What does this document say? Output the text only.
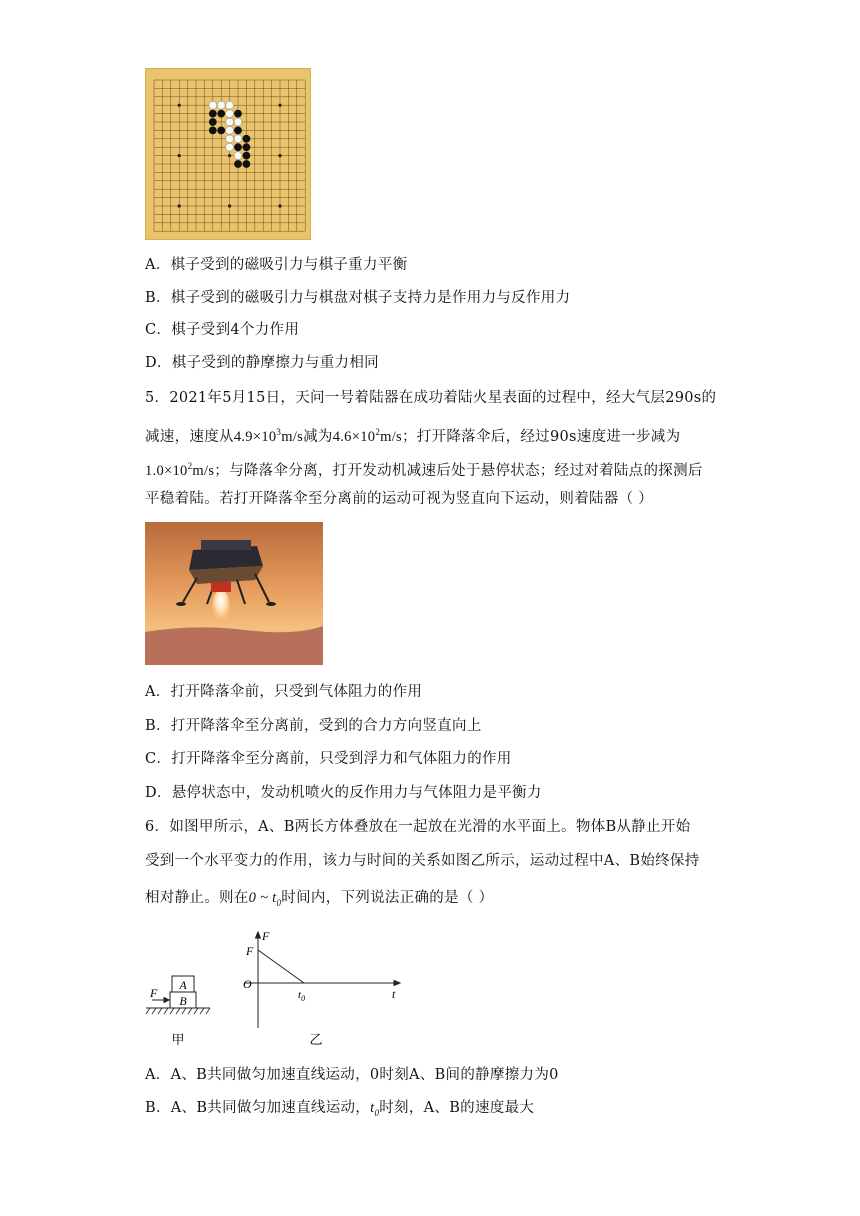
A．棋子受到的磁吸引力与棋子重力平衡
B．棋子受到的磁吸引力与棋盘对棋子支持力是作用力与反作用力
C．棋子受到4个力作用
D．棋子受到的静摩擦力与重力相同
5．2021年5月15日，天问一号着陆器在成功着陆火星表面的过程中，经大气层290s的
减速，速度从$4.9\times 10^3m/s$减为$4.6\times 10^2m/s$；打开降落伞后，经过90s速度进一步减为
$1.0\times 10^2m/s$；与降落伞分离，打开发动机减速后处于悬停状态；经过对着陆点的探测后
平稳着陆。若打开降落伞至分离前的运动可视为竖直向下运动，则着陆器（ ）
A．打开降落伞前，只受到气体阻力的作用
B．打开降落伞至分离前，受到的合力方向竖直向上
C．打开降落伞至分离前，只受到浮力和气体阻力的作用
D．悬停状态中，发动机喷火的反作用力与气体阻力是平衡力
6．如图甲所示，A、B两长方体叠放在一起放在光滑的水平面上。物体B从静止开始
受到一个水平变力的作用，该力与时间的关系如图乙所示，运动过程中A、B始终保持
相对静止。则在0 ~ $t_0$时间内，下列说法正确的是（ ）
A
B
F
甲
F
F
O
$t_0$	t
乙
A．A、B共同做匀加速直线运动，0时刻A、B间的静摩擦力为0
B．A、B共同做匀加速直线运动，$t_0$时刻，A、B的速度最大
